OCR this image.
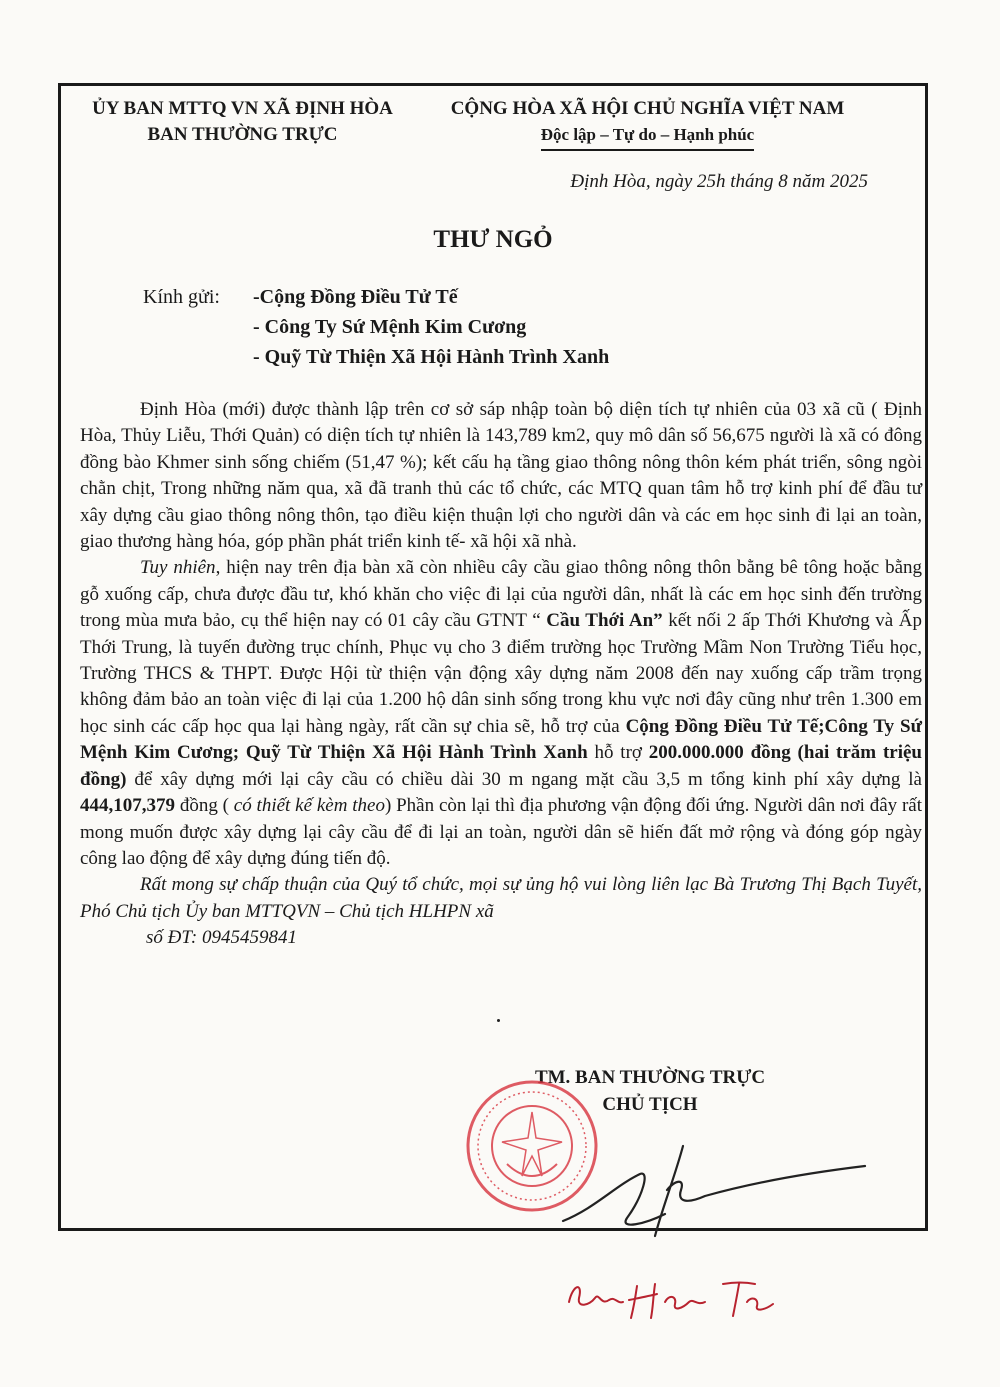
ỦY BAN MTTQ VN XÃ ĐỊNH HÒA
BAN THƯỜNG TRỰC
CỘNG HÒA XÃ HỘI CHỦ NGHĨA VIỆT NAM
Độc lập – Tự do – Hạnh phúc
Định Hòa, ngày 25h tháng 8 năm 2025
THƯ NGỎ
Kính gửi: -Cộng Đồng Điều Tử Tế
- Công Ty Sứ Mệnh Kim Cương
- Quỹ Từ Thiện Xã Hội Hành Trình Xanh

Định Hòa (mới) được thành lập trên cơ sở sáp nhập toàn bộ diện tích tự nhiên của 03 xã cũ ( Định Hòa, Thủy Liễu, Thới Quản) có diện tích tự nhiên là 143,789 km2, quy mô dân số 56,675 người là xã có đông đồng bào Khmer sinh sống chiếm (51,47 %); kết cấu hạ tầng giao thông nông thôn kém phát triển, sông ngòi chằn chịt, Trong những năm qua, xã đã tranh thủ các tổ chức, các MTQ quan tâm hỗ trợ kinh phí để đầu tư xây dựng cầu giao thông nông thôn, tạo điều kiện thuận lợi cho người dân và các em học sinh đi lại an toàn, giao thương hàng hóa, góp phần phát triển kinh tế- xã hội xã nhà.

Tuy nhiên, hiện nay trên địa bàn xã còn nhiều cây cầu giao thông nông thôn bằng bê tông hoặc bằng gỗ xuống cấp, chưa được đầu tư, khó khăn cho việc đi lại của người dân, nhất là các em học sinh đến trường trong mùa mưa bảo, cụ thể hiện nay có 01 cây cầu GTNT “ Cầu Thới An” kết nối 2 ấp Thới Khương và Ấp Thới Trung, là tuyến đường trục chính, Phục vụ cho 3 điểm trường học Trường Mầm Non Trường Tiểu học, Trường THCS & THPT. Được Hội từ thiện vận động xây dựng năm 2008 đến nay xuống cấp trầm trọng không đảm bảo an toàn việc đi lại của 1.200 hộ dân sinh sống trong khu vực nơi đây cũng như trên 1.300 em học sinh các cấp học qua lại hàng ngày, rất cần sự chia sẽ, hỗ trợ của Cộng Đồng Điều Tử Tế;Công Ty Sứ Mệnh Kim Cương; Quỹ Từ Thiện Xã Hội Hành Trình Xanh hỗ trợ 200.000.000 đồng (hai trăm triệu đồng) để xây dựng mới lại cây cầu có chiều dài 30 m ngang mặt cầu 3,5 m tổng kinh phí xây dựng là 444,107,379 đồng ( có thiết kế kèm theo) Phần còn lại thì địa phương vận động đối ứng. Người dân nơi đây rất mong muốn được xây dựng lại cây cầu để đi lại an toàn, người dân sẽ hiến đất mở rộng và đóng góp ngày công lao động để xây dựng đúng tiến độ.

Rất mong sự chấp thuận của Quý tổ chức, mọi sự ủng hộ vui lòng liên lạc Bà Trương Thị Bạch Tuyết, Phó Chủ tịch Ủy ban MTTQVN – Chủ tịch HLHPN xã

số ĐT: 0945459841

TM. BAN THƯỜNG TRỰC
CHỦ TỊCH
